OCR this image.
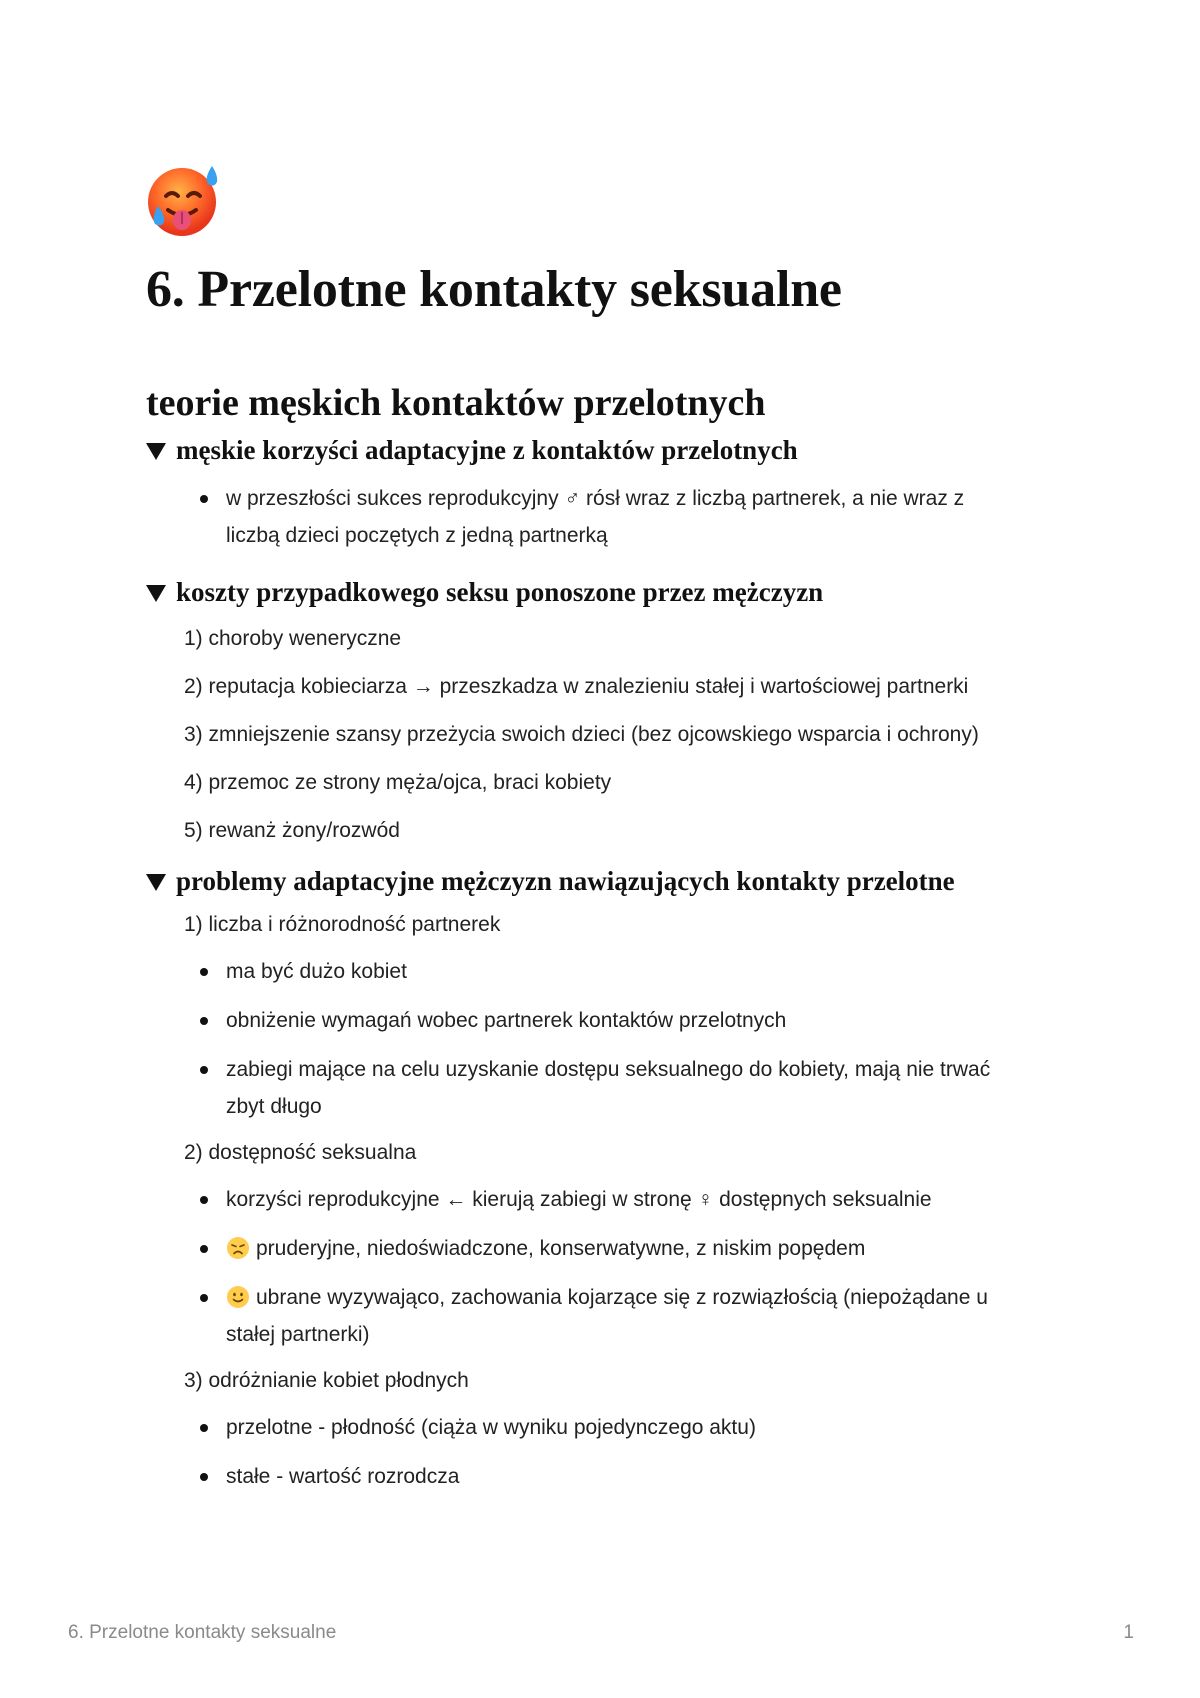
6. Przelotne kontakty seksualne
teorie męskich kontaktów przelotnych
męskie korzyści adaptacyjne z kontaktów przelotnych
w przeszłości sukces reprodukcyjny ♂ rósł wraz z liczbą partnerek, a nie wraz z
liczbą dzieci poczętych z jedną partnerką
koszty przypadkowego seksu ponoszone przez mężczyzn
1) choroby weneryczne
2) reputacja kobieciarza → przeszkadza w znalezieniu stałej i wartościowej partnerki
3) zmniejszenie szansy przeżycia swoich dzieci (bez ojcowskiego wsparcia i ochrony)
4) przemoc ze strony męża/ojca, braci kobiety
5) rewanż żony/rozwód
problemy adaptacyjne mężczyzn nawiązujących kontakty przelotne
1) liczba i różnorodność partnerek
ma być dużo kobiet
obniżenie wymagań wobec partnerek kontaktów przelotnych
zabiegi mające na celu uzyskanie dostępu seksualnego do kobiety, mają nie trwać
zbyt długo
2) dostępność seksualna
korzyści reprodukcyjne ← kierują zabiegi w stronę ♀ dostępnych seksualnie
pruderyjne, niedoświadczone, konserwatywne, z niskim popędem
ubrane wyzywająco, zachowania kojarzące się z rozwiązłością (niepożądane u
stałej partnerki)
3) odróżnianie kobiet płodnych
przelotne - płodność (ciąża w wyniku pojedynczego aktu)
stałe - wartość rozrodcza
6. Przelotne kontakty seksualne	1
